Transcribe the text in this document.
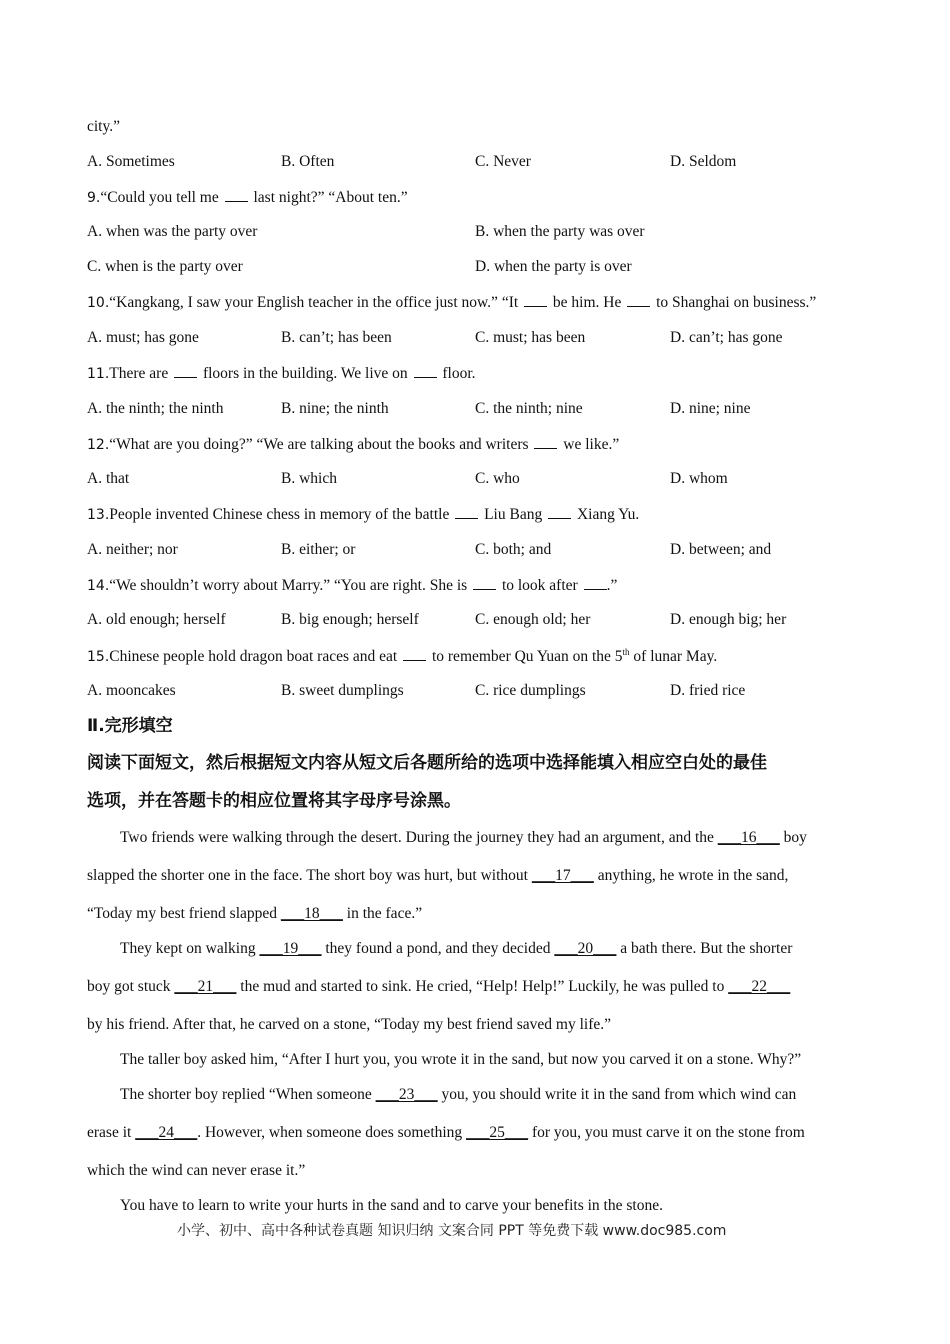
city.”
A. Sometimes	B. Often	C. Never	D. Seldom
9.“Could you tell me last night?” “About ten.”
A. when was the party over	B. when the party was over
C. when is the party over	D. when the party is over
10.“Kangkang, I saw your English teacher in the office just now.” “It be him. He to Shanghai on business.”
A. must; has gone	B. can’t; has been	C. must; has been	D. can’t; has gone
11.There are floors in the building. We live on floor.
A. the ninth; the ninth	B. nine; the ninth	C. the ninth; nine	D. nine; nine
12.“What are you doing?” “We are talking about the books and writers we like.”
A. that	B. which	C. who	D. whom
13.People invented Chinese chess in memory of the battle Liu Bang Xiang Yu.
A. neither; nor	B. either; or	C. both; and	D. between; and
14.“We shouldn’t worry about Marry.” “You are right. She is to look after .”
A. old enough; herself	B. big enough; herself	C. enough old; her	D. enough big; her
15.Chinese people hold dragon boat races and eat to remember Qu Yuan on the 5th of lunar May.
A. mooncakes	B. sweet dumplings	C. rice dumplings	D. fried rice
Ⅱ.完形填空
阅读下面短文，然后根据短文内容从短文后各题所给的选项中选择能填入相应空白处的最佳
选项，并在答题卡的相应位置将其字母序号涂黑。
Two friends were walking through the desert. During the journey they had an argument, and the ___16___ boy
slapped the shorter one in the face. The short boy was hurt, but without ___17___ anything, he wrote in the sand,
“Today my best friend slapped ___18___ in the face.”
They kept on walking ___19___ they found a pond, and they decided ___20___ a bath there. But the shorter
boy got stuck ___21___ the mud and started to sink. He cried, “Help! Help!” Luckily, he was pulled to ___22___
by his friend. After that, he carved on a stone, “Today my best friend saved my life.”
The taller boy asked him, “After I hurt you, you wrote it in the sand, but now you carved it on a stone. Why?”
The shorter boy replied “When someone ___23___ you, you should write it in the sand from which wind can
erase it ___24___. However, when someone does something ___25___ for you, you must carve it on the stone from
which the wind can never erase it.”
You have to learn to write your hurts in the sand and to carve your benefits in the stone.
小学、初中、高中各种试卷真题 知识归纳 文案合同 PPT 等免费下载 www.doc985.com
